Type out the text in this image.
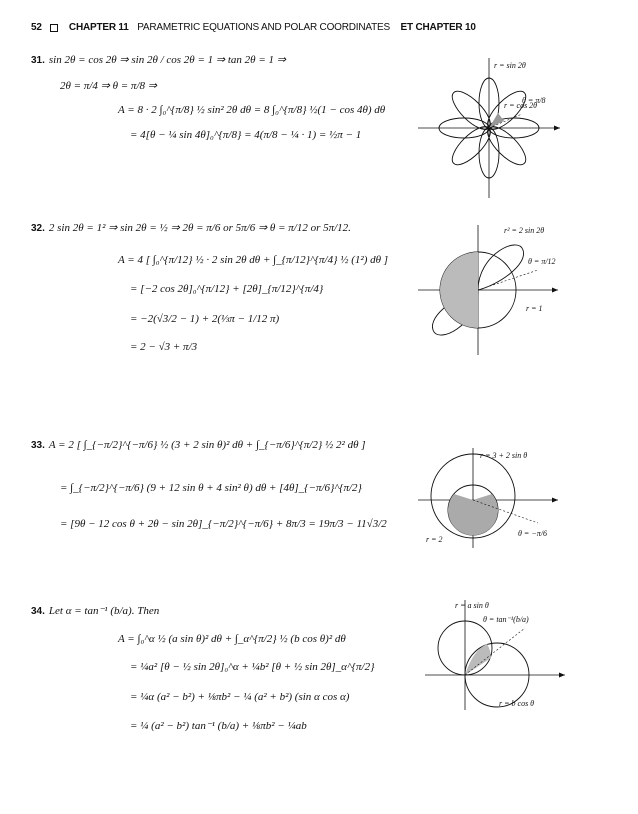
52	CHAPTER 11 PARAMETRIC EQUATIONS AND POLAR COORDINATES ET CHAPTER 10
31. sin 2θ = cos 2θ ⇒ sin 2θ / cos 2θ = 1 ⇒ tan 2θ = 1 ⇒
2θ = π/4 ⇒ θ = π/8 ⇒
A = 8 · 2 ∫₀^{π/8} ½ sin² 2θ dθ = 8 ∫₀^{π/8} ½(1 − cos 4θ) dθ
= 4[θ − ¼ sin 4θ]₀^{π/8} = 4(π/8 − ¼ · 1) = ½π − 1
r = sin 2θ
θ = π/8
r = cos 2θ
32. 2 sin 2θ = 1² ⇒ sin 2θ = ½ ⇒ 2θ = π/6 or 5π/6 ⇒ θ = π/12 or 5π/12.
A = 4 [ ∫₀^{π/12} ½ · 2 sin 2θ dθ + ∫_{π/12}^{π/4} ½ (1²) dθ ]
= [−2 cos 2θ]₀^{π/12} + [2θ]_{π/12}^{π/4}
= −2(√3/2 − 1) + 2(⅓π − 1/12 π)
= 2 − √3 + π/3
r² = 2 sin 2θ
θ = π/12
r = 1
33. A = 2 [ ∫_{−π/2}^{−π/6} ½ (3 + 2 sin θ)² dθ + ∫_{−π/6}^{π/2} ½ 2² dθ ]
= ∫_{−π/2}^{−π/6} (9 + 12 sin θ + 4 sin² θ) dθ + [4θ]_{−π/6}^{π/2}
= [9θ − 12 cos θ + 2θ − sin 2θ]_{−π/2}^{−π/6} + 8π/3 = 19π/3 − 11√3/2
r = 3 + 2 sin θ
θ = −π/6
r = 2
34. Let α = tan⁻¹ (b/a). Then
A = ∫₀^α ½ (a sin θ)² dθ + ∫_α^{π/2} ½ (b cos θ)² dθ
= ¼a² [θ − ½ sin 2θ]₀^α + ¼b² [θ + ½ sin 2θ]_α^{π/2}
= ¼α (a² − b²) + ⅛πb² − ¼ (a² + b²) (sin α cos α)
= ¼ (a² − b²) tan⁻¹ (b/a) + ⅛πb² − ¼ab
r = a sin θ
θ = tan⁻¹(b/a)
r = b cos θ
